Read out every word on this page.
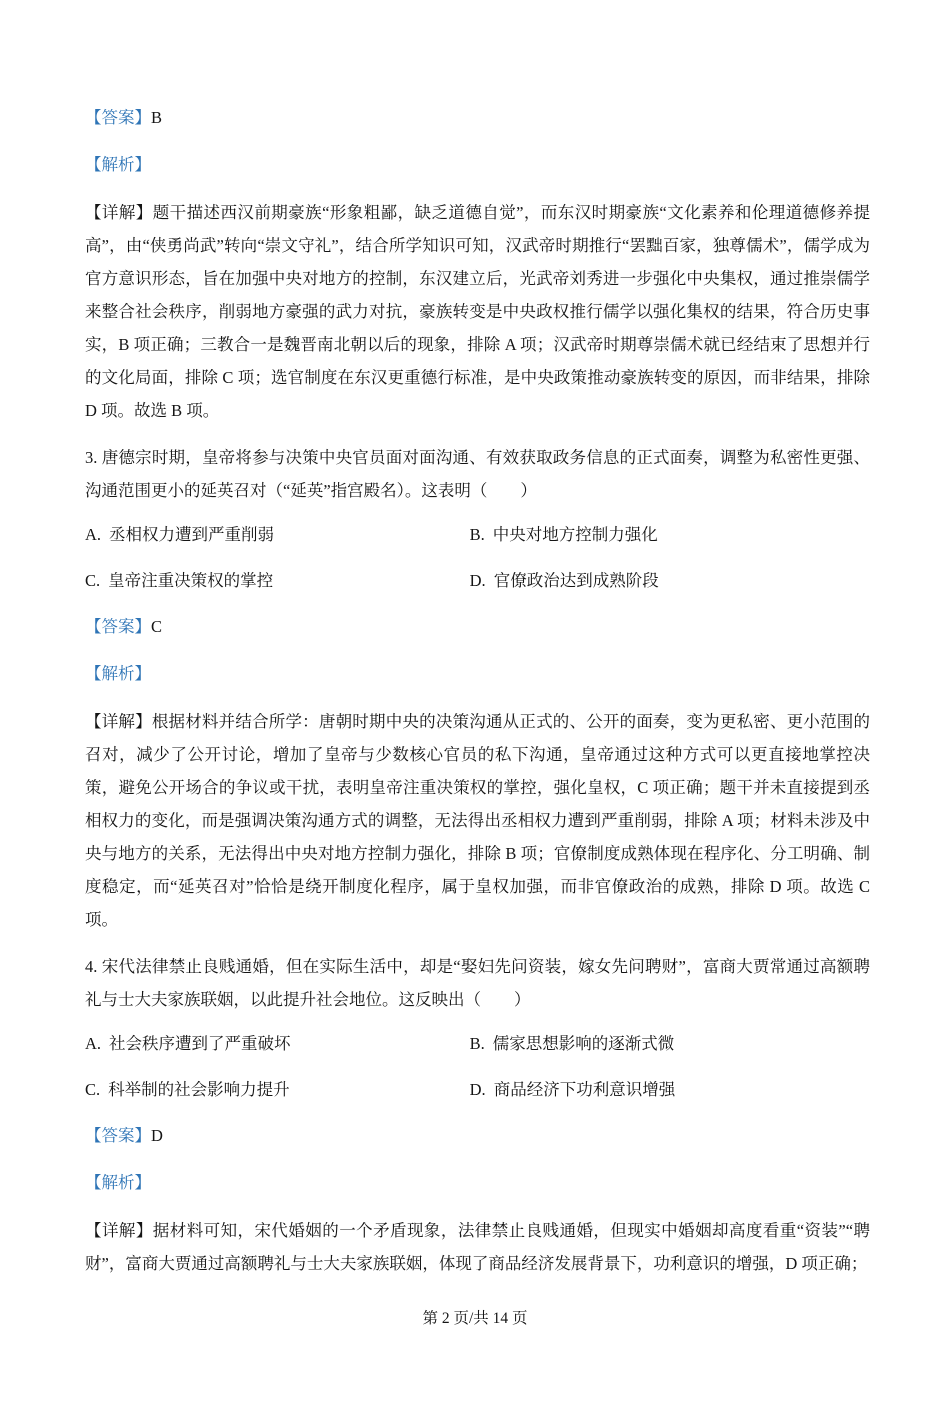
【答案】B

【解析】

【详解】题干描述西汉前期豪族“形象粗鄙，缺乏道德自觉”，而东汉时期豪族“文化素养和伦理道德修养提高”，由“侠勇尚武”转向“崇文守礼”，结合所学知识可知，汉武帝时期推行“罢黜百家，独尊儒术”，儒学成为官方意识形态，旨在加强中央对地方的控制，东汉建立后，光武帝刘秀进一步强化中央集权，通过推崇儒学来整合社会秩序，削弱地方豪强的武力对抗，豪族转变是中央政权推行儒学以强化集权的结果，符合历史事实，B 项正确；三教合一是魏晋南北朝以后的现象，排除 A 项；汉武帝时期尊崇儒术就已经结束了思想并行的文化局面，排除 C 项；选官制度在东汉更重德行标准，是中央政策推动豪族转变的原因，而非结果，排除 D 项。故选 B 项。

3. 唐德宗时期，皇帝将参与决策中央官员面对面沟通、有效获取政务信息的正式面奏，调整为私密性更强、沟通范围更小的延英召对（“延英”指宫殿名）。这表明（　　）

A. 丞相权力遭到严重削弱	B. 中央对地方控制力强化
C. 皇帝注重决策权的掌控	D. 官僚政治达到成熟阶段

【答案】C

【解析】

【详解】根据材料并结合所学：唐朝时期中央的决策沟通从正式的、公开的面奏，变为更私密、更小范围的召对，减少了公开讨论，增加了皇帝与少数核心官员的私下沟通，皇帝通过这种方式可以更直接地掌控决策，避免公开场合的争议或干扰，表明皇帝注重决策权的掌控，强化皇权，C 项正确；题干并未直接提到丞相权力的变化，而是强调决策沟通方式的调整，无法得出丞相权力遭到严重削弱，排除 A 项；材料未涉及中央与地方的关系，无法得出中央对地方控制力强化，排除 B 项；官僚制度成熟体现在程序化、分工明确、制度稳定，而“延英召对”恰恰是绕开制度化程序，属于皇权加强，而非官僚政治的成熟，排除 D 项。故选 C 项。

4. 宋代法律禁止良贱通婚，但在实际生活中，却是“娶妇先问资装，嫁女先问聘财”，富商大贾常通过高额聘礼与士大夫家族联姻，以此提升社会地位。这反映出（　　）

A. 社会秩序遭到了严重破坏	B. 儒家思想影响的逐渐式微
C. 科举制的社会影响力提升	D. 商品经济下功利意识增强

【答案】D

【解析】

【详解】据材料可知，宋代婚姻的一个矛盾现象，法律禁止良贱通婚，但现实中婚姻却高度看重“资装”“聘财”，富商大贾通过高额聘礼与士大夫家族联姻，体现了商品经济发展背景下，功利意识的增强，D 项正确；

第 2 页/共 14 页
